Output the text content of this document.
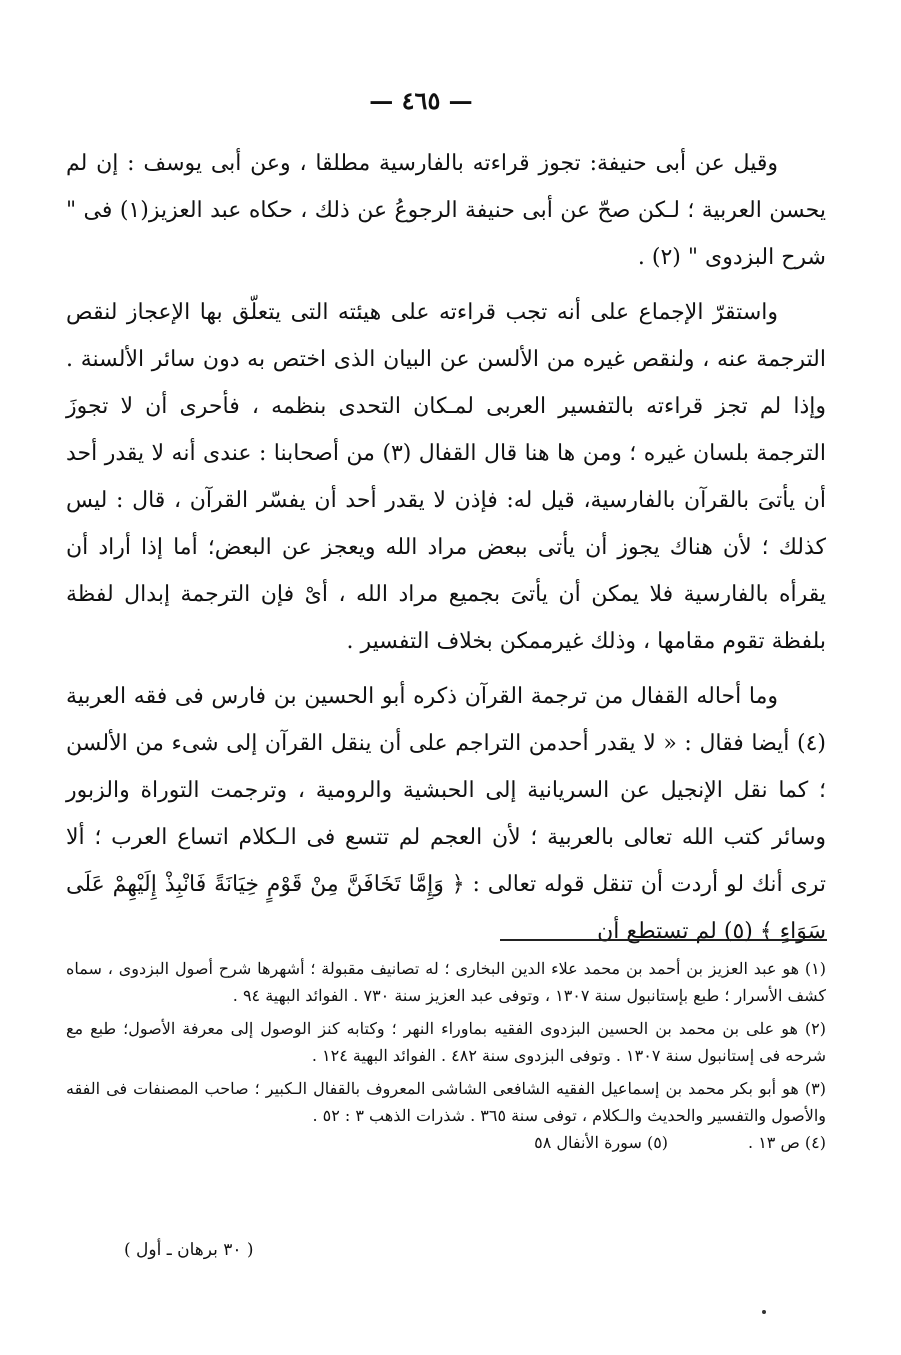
— ٤٦٥ —

وقيل عن أبى حنيفة: تجوز قراءته بالفارسية مطلقا ، وعن أبى يوسف : إن لم يحسن العربية ؛ لـكن صحّ عن أبى حنيفة الرجوعُ عن ذلك ، حكاه عبد العزيز(١) فى " شرح البزدوى " (٢) .

واستقرّ الإجماع على أنه تجب قراءته على هيئته التى يتعلّق بها الإعجاز لنقص الترجمة عنه ، ولنقص غيره من الألسن عن البيان الذى اختص به دون سائر الألسنة . وإذا لم تجز قراءته بالتفسير العربى لمـكان التحدى بنظمه ، فأحرى أن لا تجوزَ الترجمة بلسان غيره ؛ ومن ها هنا قال القفال (٣) من أصحابنا : عندى أنه لا يقدر أحد أن يأتىَ بالقرآن بالفارسية، قيل له: فإذن لا يقدر أحد أن يفسّر القرآن ، قال : ليس كذلك ؛ لأن هناك يجوز أن يأتى ببعض مراد الله ويعجز عن البعض؛ أما إذا أراد أن يقرأه بالفارسية فلا يمكن أن يأتىَ بجميع مراد الله ، أىْ فإن الترجمة إبدال لفظة بلفظة تقوم مقامها ، وذلك غيرممكن بخلاف التفسير .

وما أحاله القفال من ترجمة القرآن ذكره أبو الحسين بن فارس فى فقه العربية (٤) أيضا فقال : « لا يقدر أحدمن التراجم على أن ينقل القرآن إلى شىء من الألسن ؛ كما نقل الإنجيل عن السريانية إلى الحبشية والرومية ، وترجمت التوراة والزبور وسائر كتب الله تعالى بالعربية ؛ لأن العجم لم تتسع فى الـكلام اتساع العرب ؛ ألا ترى أنك لو أردت أن تنقل قوله تعالى : ﴿ وَإِمَّا تَخَافَنَّ مِنْ قَوْمٍ خِيَانَةً فَانْبِذْ إِلَيْهِمْ عَلَى سَوَاءٍ ﴾ (٥) لم تستطع أن

(١) هو عبد العزيز بن أحمد بن محمد علاء الدين البخارى ؛ له تصانيف مقبولة ؛ أشهرها شرح أصول البزدوى ، سماه كشف الأسرار ؛ طبع بإستانبول سنة ١٣٠٧ ، وتوفى عبد العزيز سنة ٧٣٠ . الفوائد البهية ٩٤ .

(٢) هو على بن محمد بن الحسين البزدوى الفقيه بماوراء النهر ؛ وكتابه كنز الوصول إلى معرفة الأصول؛ طبع مع شرحه فى إستانبول سنة ١٣٠٧ . وتوفى البزدوى سنة ٤٨٢ . الفوائد البهية ١٢٤ .

(٣) هو أبو بكر محمد بن إسماعيل الفقيه الشافعى الشاشى المعروف بالقفال الـكبير ؛ صاحب المصنفات فى الفقه والأصول والتفسير والحديث والـكلام ، توفى سنة ٣٦٥ . شذرات الذهب ٣ : ٥٢ .

(٤) ص ١٣ .
(٥) سورة الأنفال ٥٨
( ٣٠ برهان ـ أول )
